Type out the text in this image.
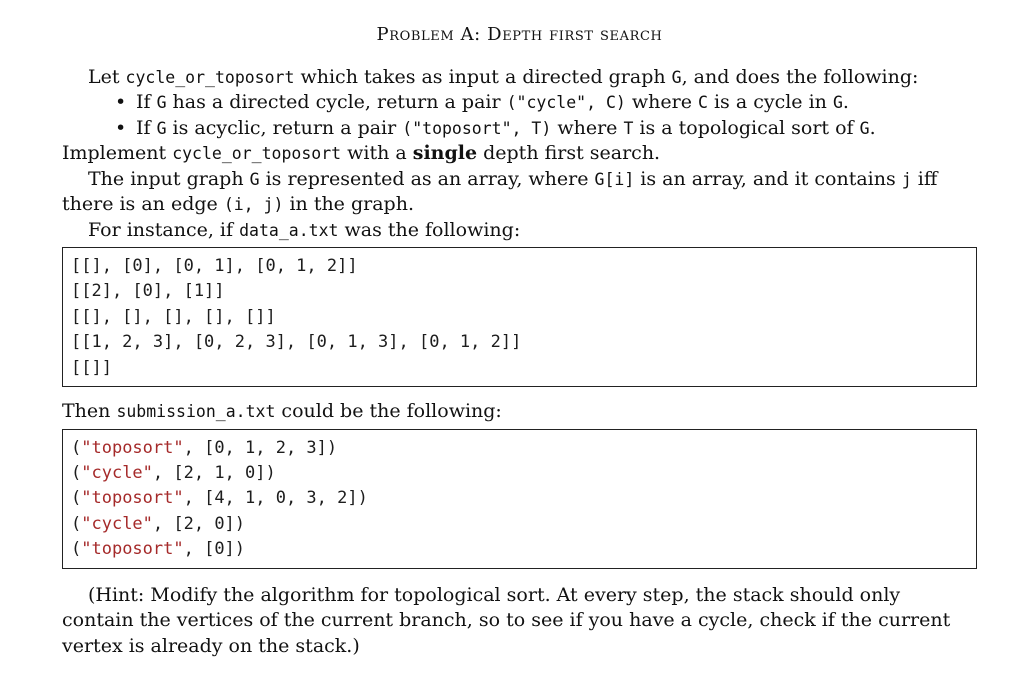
Problem A: Depth first search
Let cycle_or_toposort which takes as input a directed graph G, and does the following:
• If G has a directed cycle, return a pair ("cycle", C) where C is a cycle in G.
• If G is acyclic, return a pair ("toposort", T) where T is a topological sort of G.
Implement cycle_or_toposort with a single depth first search.
The input graph G is represented as an array, where G[i] is an array, and it contains j iff there is an edge (i, j) in the graph.
For instance, if data_a.txt was the following:
[[], [0], [0, 1], [0, 1, 2]]
[[2], [0], [1]]
[[], [], [], [], []]
[[1, 2, 3], [0, 2, 3], [0, 1, 3], [0, 1, 2]]
[[]]
Then submission_a.txt could be the following:
("toposort", [0, 1, 2, 3])
("cycle", [2, 1, 0])
("toposort", [4, 1, 0, 3, 2])
("cycle", [2, 0])
("toposort", [0])
(Hint: Modify the algorithm for topological sort. At every step, the stack should only contain the vertices of the current branch, so to see if you have a cycle, check if the current vertex is already on the stack.)
